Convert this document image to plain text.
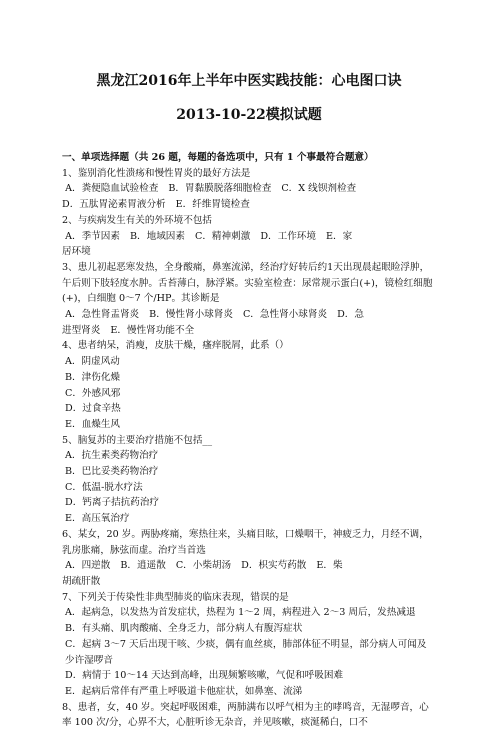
黑龙江2016年上半年中医实践技能：心电图口诀
2013-10-22模拟试题
一、单项选择题（共 26 题，每题的备选项中，只有 1 个事最符合题意）
1、鉴别消化性溃疡和慢性胃炎的最好方法是
A．粪便隐血试验检查 B．胃黏膜脱落细胞检查 C．X 线钡剂检查
D．五肽胃泌素胃液分析 E．纤维胃镜检查
2、与疾病发生有关的外环境不包括
A．季节因素 B．地域因素 C．精神刺激 D．工作环境 E．家
居环境
3、患儿初起恶寒发热，全身酸痛，鼻塞流涕，经治疗好转后约1天出现晨起眼睑浮肿，午后则下肢轻度水肿。舌苔薄白，脉浮紧。实验室检查：尿常规示蛋白(+)，镜检红细胞(+)，白细胞 0～7 个/HP。其诊断是
A．急性肾盂肾炎 B．慢性肾小球肾炎 C．急性肾小球肾炎 D．急
进型肾炎 E．慢性肾功能不全
4、患者纳呆，消瘦，皮肤干燥，瘙痒脱屑，此系（）
A．阴虚风动
B．津伤化燥
C．外感风邪
D．过食辛热
E．血燥生风
5、脑复苏的主要治疗措施不包括__
A．抗生素类药物治疗
B．巴比妥类药物治疗
C．低温-脱水疗法
D．钙离子拮抗药治疗
E．高压氧治疗
6、某女，20 岁。两胁疼痛，寒热往来，头痛目眩，口燥咽干，神疲乏力，月经不调，乳房胀痛，脉弦而虚。治疗当首选
A．四逆散 B．逍遥散 C．小柴胡汤 D．枳实芍药散 E．柴
胡疏肝散
7、下列关于传染性非典型肺炎的临床表现，错误的是
A．起病急，以发热为首发症状，热程为 1～2 周，病程进入 2～3 周后，发热减退
B．有头痛、肌肉酸痛、全身乏力，部分病人有腹泻症状
C．起病 3～7 天后出现干咳、少痰，偶有血丝痰，肺部体征不明显，部分病人可闻及少许湿啰音
D．病情于 10～14 天达到高峰，出现频繁咳嗽，气促和呼吸困难
E．起病后常伴有严重上呼吸道卡他症状，如鼻塞、流涕
8、患者，女，40 岁。突起呼吸困难，两肺满布以呼气相为主的哮鸣音，无湿啰音，心率 100 次/分，心界不大，心脏听诊无杂音，并见咳嗽，痰涎稀白，口不
